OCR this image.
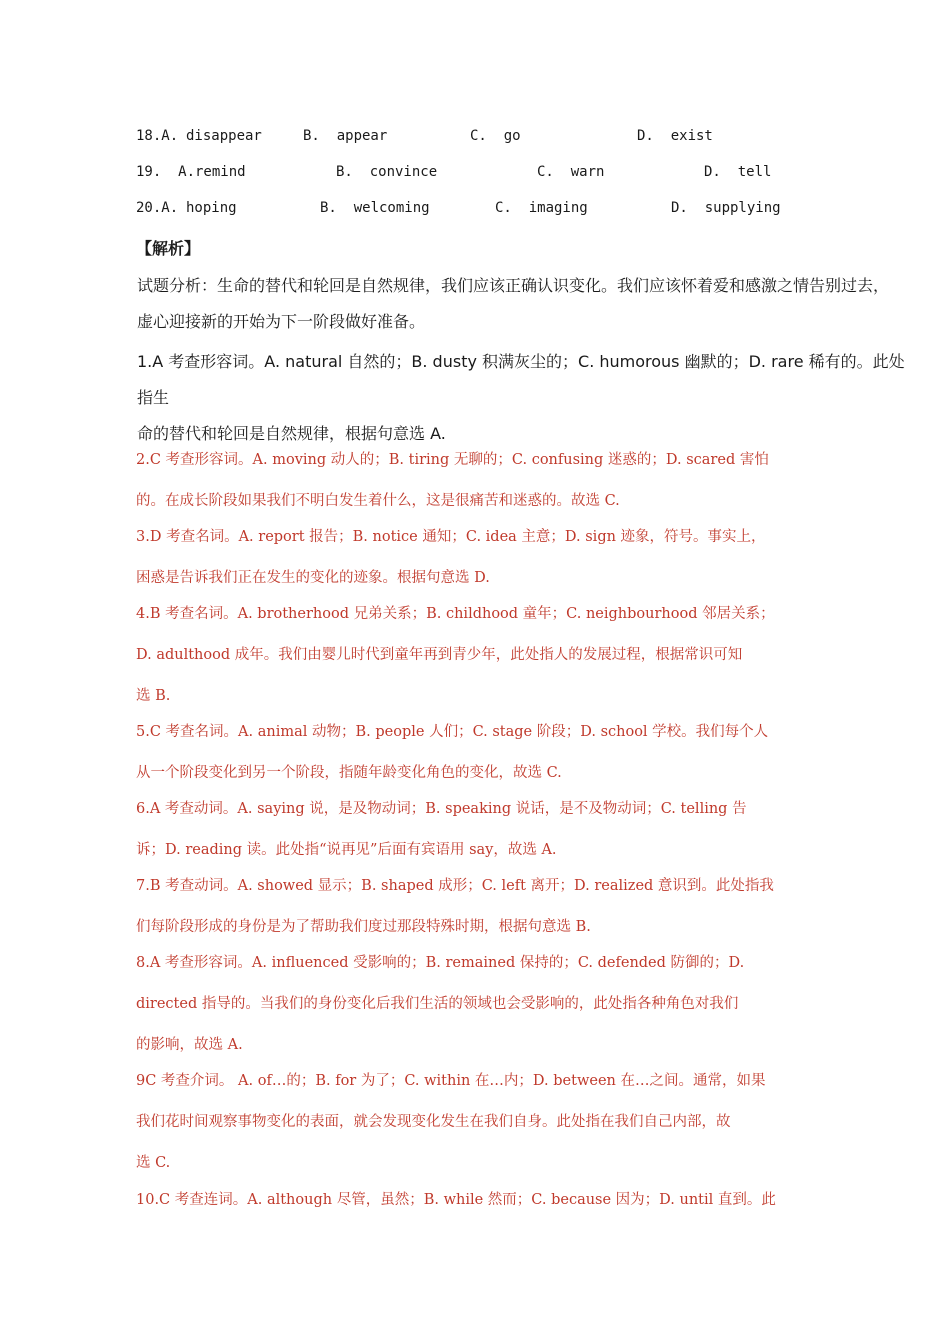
18.A. disappear	B.  appear	C.  go	D.  exist
19.  A. remind	B.  convince	C.  warn	D.  tell
20.A. hoping	B.  welcoming	C.  imaging	D.  supplying
【解析】
试题分析：生命的替代和轮回是自然规律，我们应该正确认识变化。我们应该怀着爱和感激之情告别过去，
虚心迎接新的开始为下一阶段做好准备。
1.A 考查形容词。A. natural 自然的；B. dusty 积满灰尘的；C. humorous 幽默的；D. rare 稀有的。此处指生
命的替代和轮回是自然规律，根据句意选 A.
2.C 考查形容词。A. moving 动人的；B. tiring 无聊的；C. confusing 迷惑的；D. scared 害怕
的。在成长阶段如果我们不明白发生着什么，这是很痛苦和迷惑的。故选 C.
3.D 考查名词。A. report 报告；B. notice 通知；C. idea 主意；D. sign 迹象，符号。事实上，
困惑是告诉我们正在发生的变化的迹象。根据句意选 D.
4.B 考查名词。A. brotherhood 兄弟关系；B. childhood 童年；C. neighbourhood 邻居关系；
D. adulthood 成年。我们由婴儿时代到童年再到青少年，此处指人的发展过程，根据常识可知
选 B.
5.C 考查名词。A. animal 动物；B. people 人们；C. stage 阶段；D. school 学校。我们每个人
从一个阶段变化到另一个阶段，指随年龄变化角色的变化，故选 C.
6.A 考查动词。A. saying 说，是及物动词；B. speaking 说话，是不及物动词；C. telling 告
诉；D. reading 读。此处指“说再见”后面有宾语用 say，故选 A.
7.B 考查动词。A. showed 显示；B. shaped 成形；C. left 离开；D. realized 意识到。此处指我
们每阶段形成的身份是为了帮助我们度过那段特殊时期，根据句意选 B.
8.A 考查形容词。A. influenced 受影响的；B. remained 保持的；C. defended 防御的；D.
directed 指导的。当我们的身份变化后我们生活的领域也会受影响的，此处指各种角色对我们
的影响，故选 A.
9C 考查介词。 A. of…的；B. for 为了；C. within 在…内；D. between 在…之间。通常，如果
我们花时间观察事物变化的表面，就会发现变化发生在我们自身。此处指在我们自己内部，故
选 C.
10.C 考查连词。A. although 尽管，虽然；B. while 然而；C. because 因为；D. until 直到。此
